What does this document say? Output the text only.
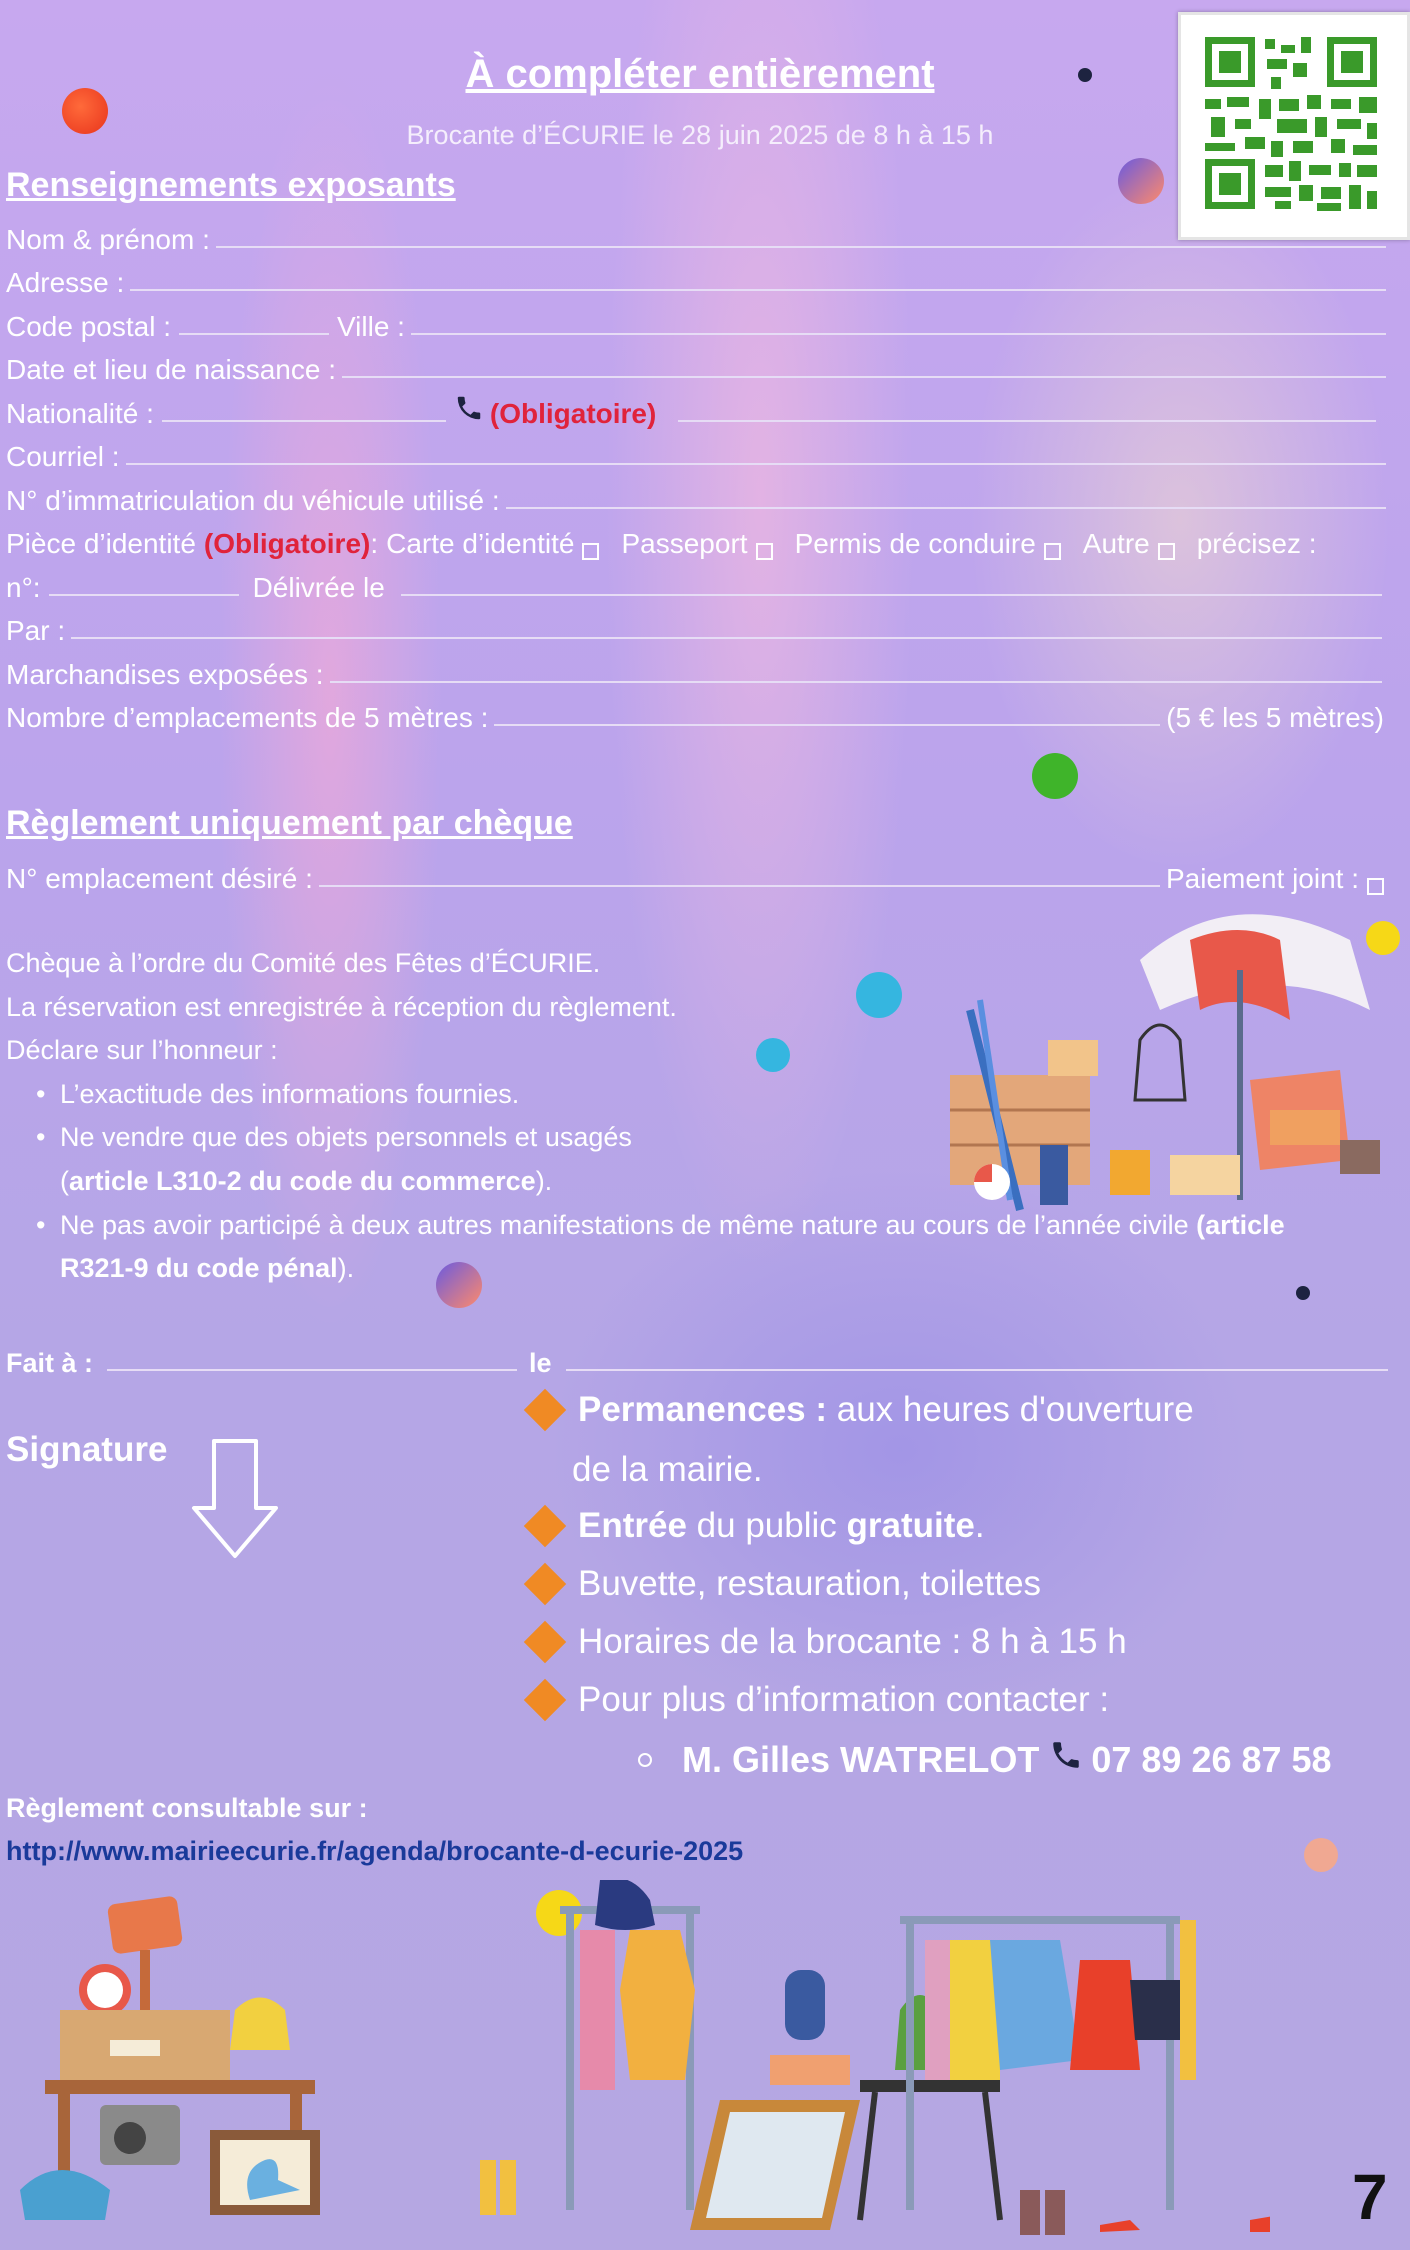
À compléter entièrement
Brocante d’ÉCURIE le 28 juin 2025 de 8 h à 15 h
Renseignements exposants
Nom & prénom :
Adresse :
Code postal :	Ville :
Date et lieu de naissance :
Nationalité :	(Obligatoire)
Courriel :
N° d’immatriculation du véhicule utilisé :
Pièce d’identité (Obligatoire) : Carte d’identité Passeport Permis de conduire Autre précisez :
n°:	Délivrée le
Par :
Marchandises exposées :
Nombre d’emplacements de 5 mètres :	(5 € les 5 mètres)
Règlement uniquement par chèque
N° emplacement désiré :	Paiement joint :
Chèque à l’ordre du Comité des Fêtes d’ÉCURIE.
La réservation est enregistrée à réception du règlement.
Déclare sur l’honneur :
• L’exactitude des informations fournies.
• Ne vendre que des objets personnels et usagés
(article L310-2 du code du commerce).
• Ne pas avoir participé à deux autres manifestations de même nature au cours de l’année civile (article
R321-9 du code pénal).
Fait à :	le
Signature
Permanences : aux heures d'ouverture
de la mairie.
Entrée du public gratuite .
Buvette, restauration, toilettes
Horaires de la brocante : 8 h à 15 h
Pour plus d’information contacter :
M. Gilles WATRELOT 07 89 26 87 58
Règlement consultable sur :
http://www.mairieecurie.fr/agenda/brocante-d-ecurie-2025
7
